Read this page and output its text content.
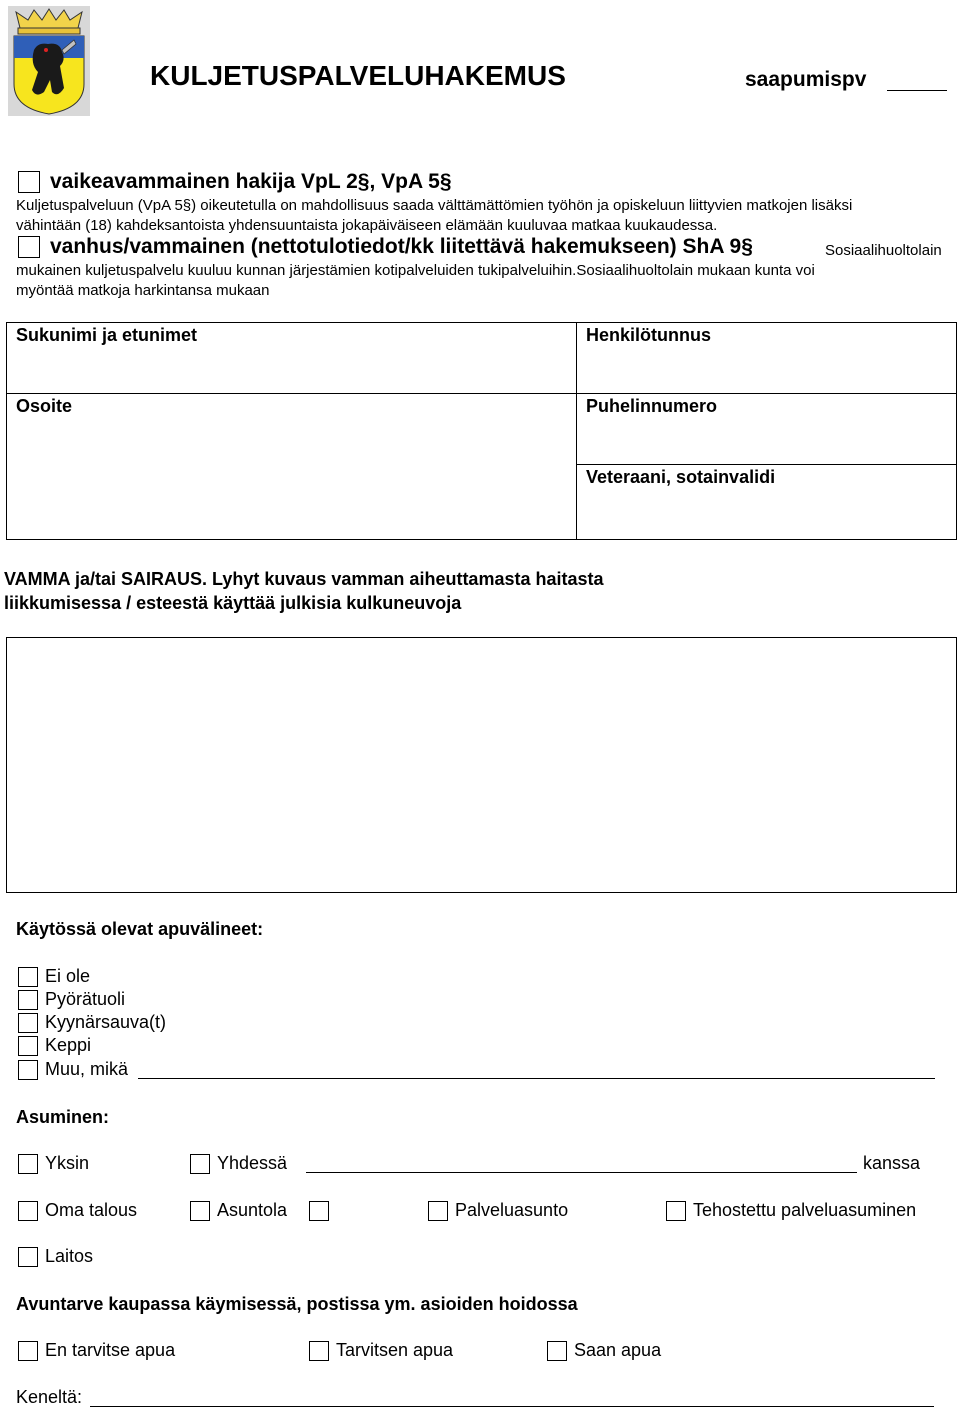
KULJETUSPALVELUHAKEMUS	saapumispv
vaikeavammainen hakija VpL 2§, VpA 5§
Kuljetuspalveluun (VpA 5§) oikeutetulla on mahdollisuus saada välttämättömien työhön ja opiskeluun liittyvien matkojen lisäksi
vähintään (18) kahdeksantoista yhdensuuntaista jokapäiväiseen elämään kuuluvaa matkaa kuukaudessa.
vanhus/vammainen (nettotulotiedot/kk liitettävä hakemukseen) ShA 9§	Sosiaalihuoltolain
mukainen kuljetuspalvelu kuuluu kunnan järjestämien kotipalveluiden tukipalveluihin.Sosiaalihuoltolain mukaan kunta voi
myöntää matkoja harkintansa mukaan
Sukunimi ja etunimet	Henkilötunnus
Osoite	Puhelinnumero
Veteraani, sotainvalidi
VAMMA ja/tai SAIRAUS. Lyhyt kuvaus vamman aiheuttamasta haitasta
liikkumisessa / esteestä käyttää julkisia kulkuneuvoja
Käytössä olevat apuvälineet:
Ei ole
Pyörätuoli
Kyynärsauva(t)
Keppi
Muu, mikä
Asuminen:
Yksin	Yhdessä	kanssa
Oma talous	Asuntola	Palveluasunto	Tehostettu palveluasuminen
Laitos
Avuntarve kaupassa käymisessä, postissa ym. asioiden hoidossa
En tarvitse apua	Tarvitsen apua	Saan apua
Keneltä:
